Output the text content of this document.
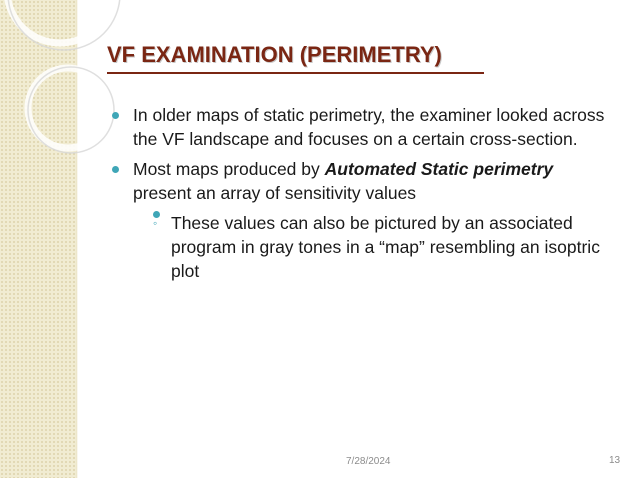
VF EXAMINATION (PERIMETRY)
In older maps of static perimetry, the examiner looked across the VF landscape and focuses on a certain cross-section.
Most maps produced by Automated Static perimetry present an array of sensitivity values
◦ These values can also be pictured by an associated program in gray tones in a “map” resembling an isoptric plot
7/28/2024	13
